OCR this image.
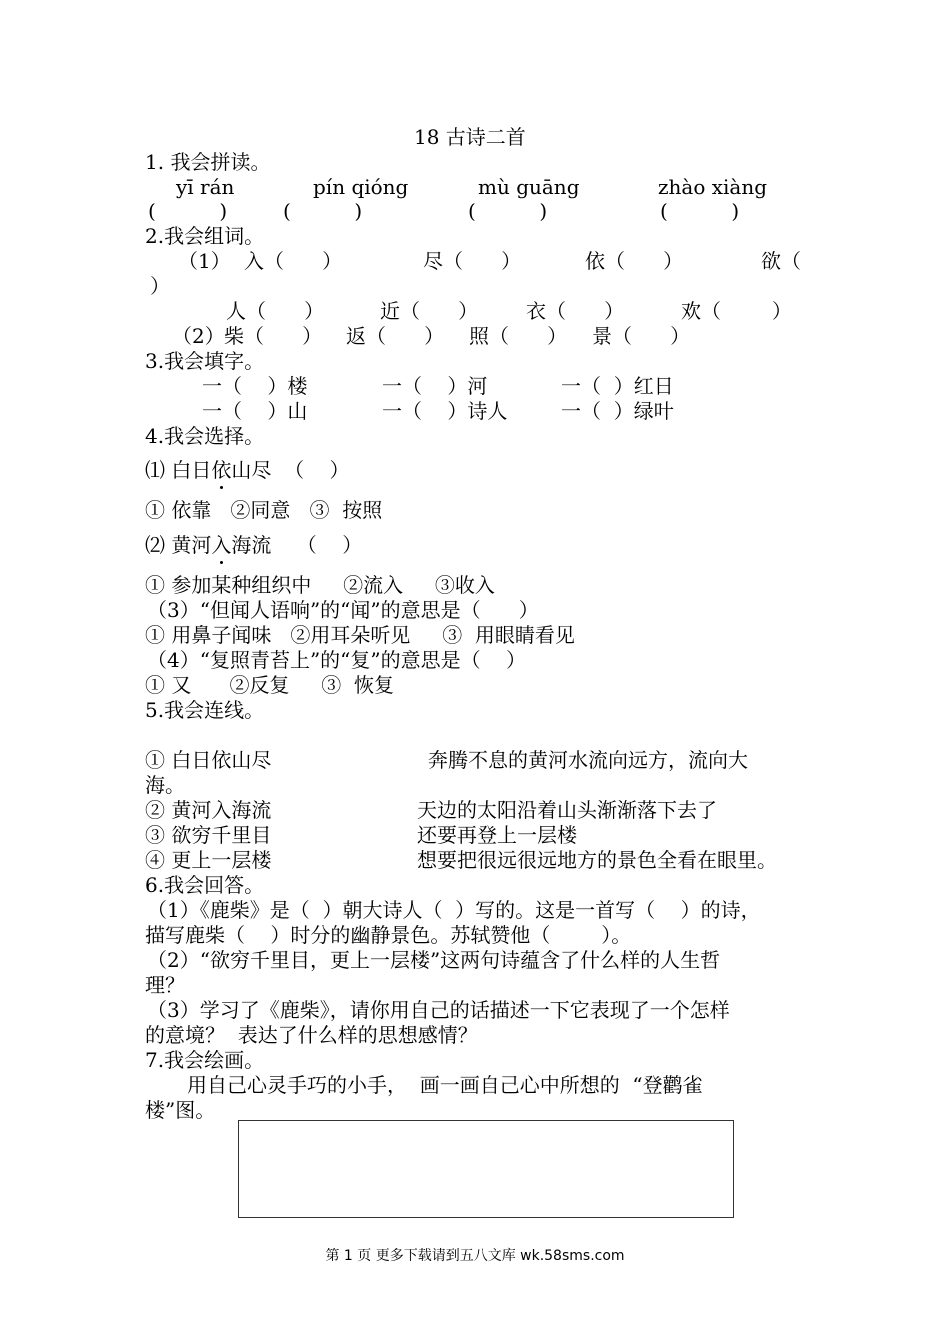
18 古诗二首
1. 我会拼读。
yī rán	pín qióng	mù guāng	zhào xiàng
(          )	(          )	(          )	(          )
2.我会组词。
（1） 入（      ）	尽（      ）	依（      ）	欲（
）
人（      ）	近（      ） 衣（      ）	欢（        ）
（2） 柴（      ） 返（      ） 照（      ） 景（      ）
3.我会填字。
一（    ）楼	一（    ）河	一（  ）红日
一（    ）山	一（    ）诗人	一（  ）绿叶
4.我会选择。
⑴ 白日依山尽  （    ）
① 依靠   ②同意   ③  按照
⑵ 黄河入海流    （    ）
① 参加某种组织中     ②流入     ③收入
（3）“但闻人语响”的“闻”的意思是（      ）
① 用鼻子闻味   ②用耳朵听见     ③  用眼睛看见
（4）“复照青苔上”的“复”的意思是（    ）
① 又      ②反复     ③  恢复
5.我会连线。
① 白日依山尽	奔腾不息的黄河水流向远方，流向大
海。
② 黄河入海流	天边的太阳沿着山头渐渐落下去了
③ 欲穷千里目	还要再登上一层楼
④ 更上一层楼	想要把很远很远地方的景色全看在眼里。
6.我会回答。
（1）《鹿柴》是（  ）朝大诗人（  ）写的。这是一首写（    ）的诗，
描写鹿柴（    ）时分的幽静景色。苏轼赞他（        ）。
（2）“欲穷千里目，更上一层楼”这两句诗蕴含了什么样的人生哲
理？
（3）学习了《鹿柴》，请你用自己的话描述一下它表现了一个怎样
的意境？  表达了什么样的思想感情？
7.我会绘画。
用自己心灵手巧的小手，  画一画自己心中所想的  “登鹳雀
楼”图。
第 1 页 更多下载请到五八文库 wk.58sms.com
